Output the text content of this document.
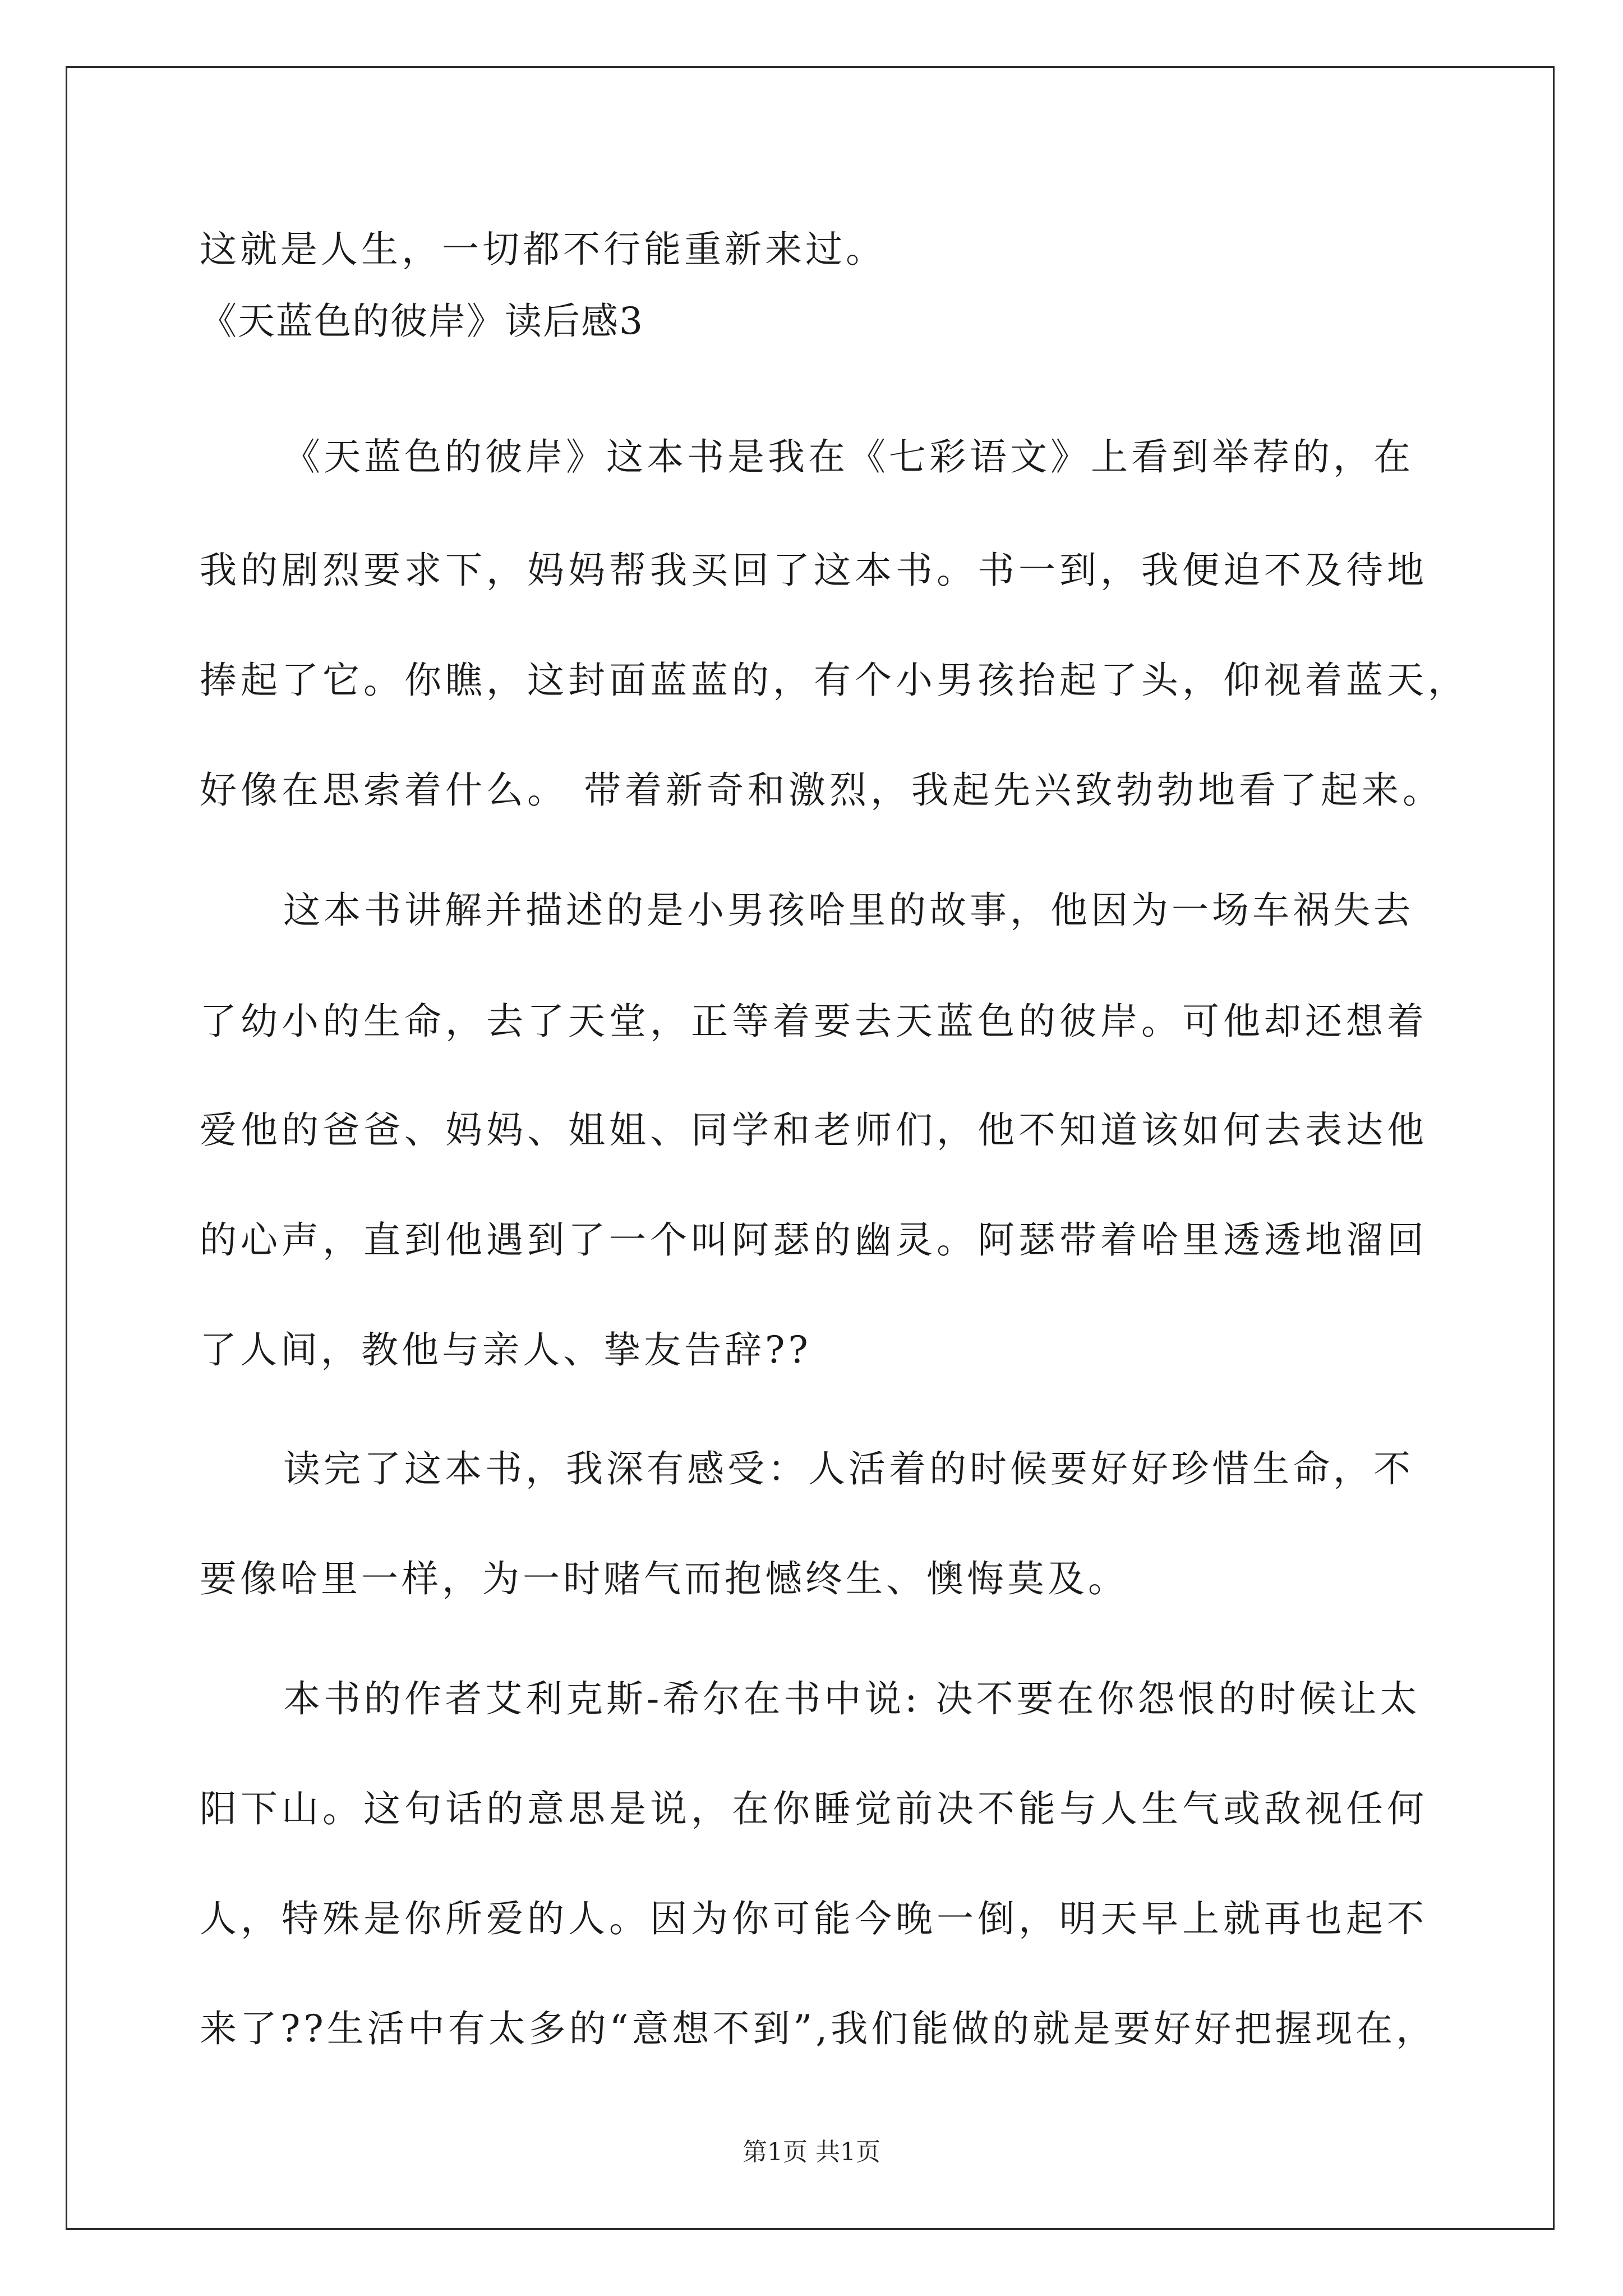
这就是人生，一切都不行能重新来过。
《天蓝色的彼岸》读后感3
《天蓝色的彼岸》这本书是我在《七彩语文》上看到举荐的，在
我的剧烈要求下，妈妈帮我买回了这本书。书一到，我便迫不及待地
捧起了它。你瞧，这封面蓝蓝的，有个小男孩抬起了头，仰视着蓝天，
好像在思索着什么。 带着新奇和激烈，我起先兴致勃勃地看了起来。
这本书讲解并描述的是小男孩哈里的故事，他因为一场车祸失去
了幼小的生命，去了天堂，正等着要去天蓝色的彼岸。可他却还想着
爱他的爸爸、妈妈、姐姐、同学和老师们，他不知道该如何去表达他
的心声，直到他遇到了一个叫阿瑟的幽灵。阿瑟带着哈里透透地溜回
了人间，教他与亲人、挚友告辞??
读完了这本书，我深有感受：人活着的时候要好好珍惜生命，不
要像哈里一样，为一时赌气而抱憾终生、懊悔莫及。
本书的作者艾利克斯-希尔在书中说: 决不要在你怨恨的时候让太
阳下山。这句话的意思是说，在你睡觉前决不能与人生气或敌视任何
人，特殊是你所爱的人。因为你可能今晚一倒，明天早上就再也起不
来了??生活中有太多的“意想不到”,我们能做的就是要好好把握现在，
第1页 共1页
